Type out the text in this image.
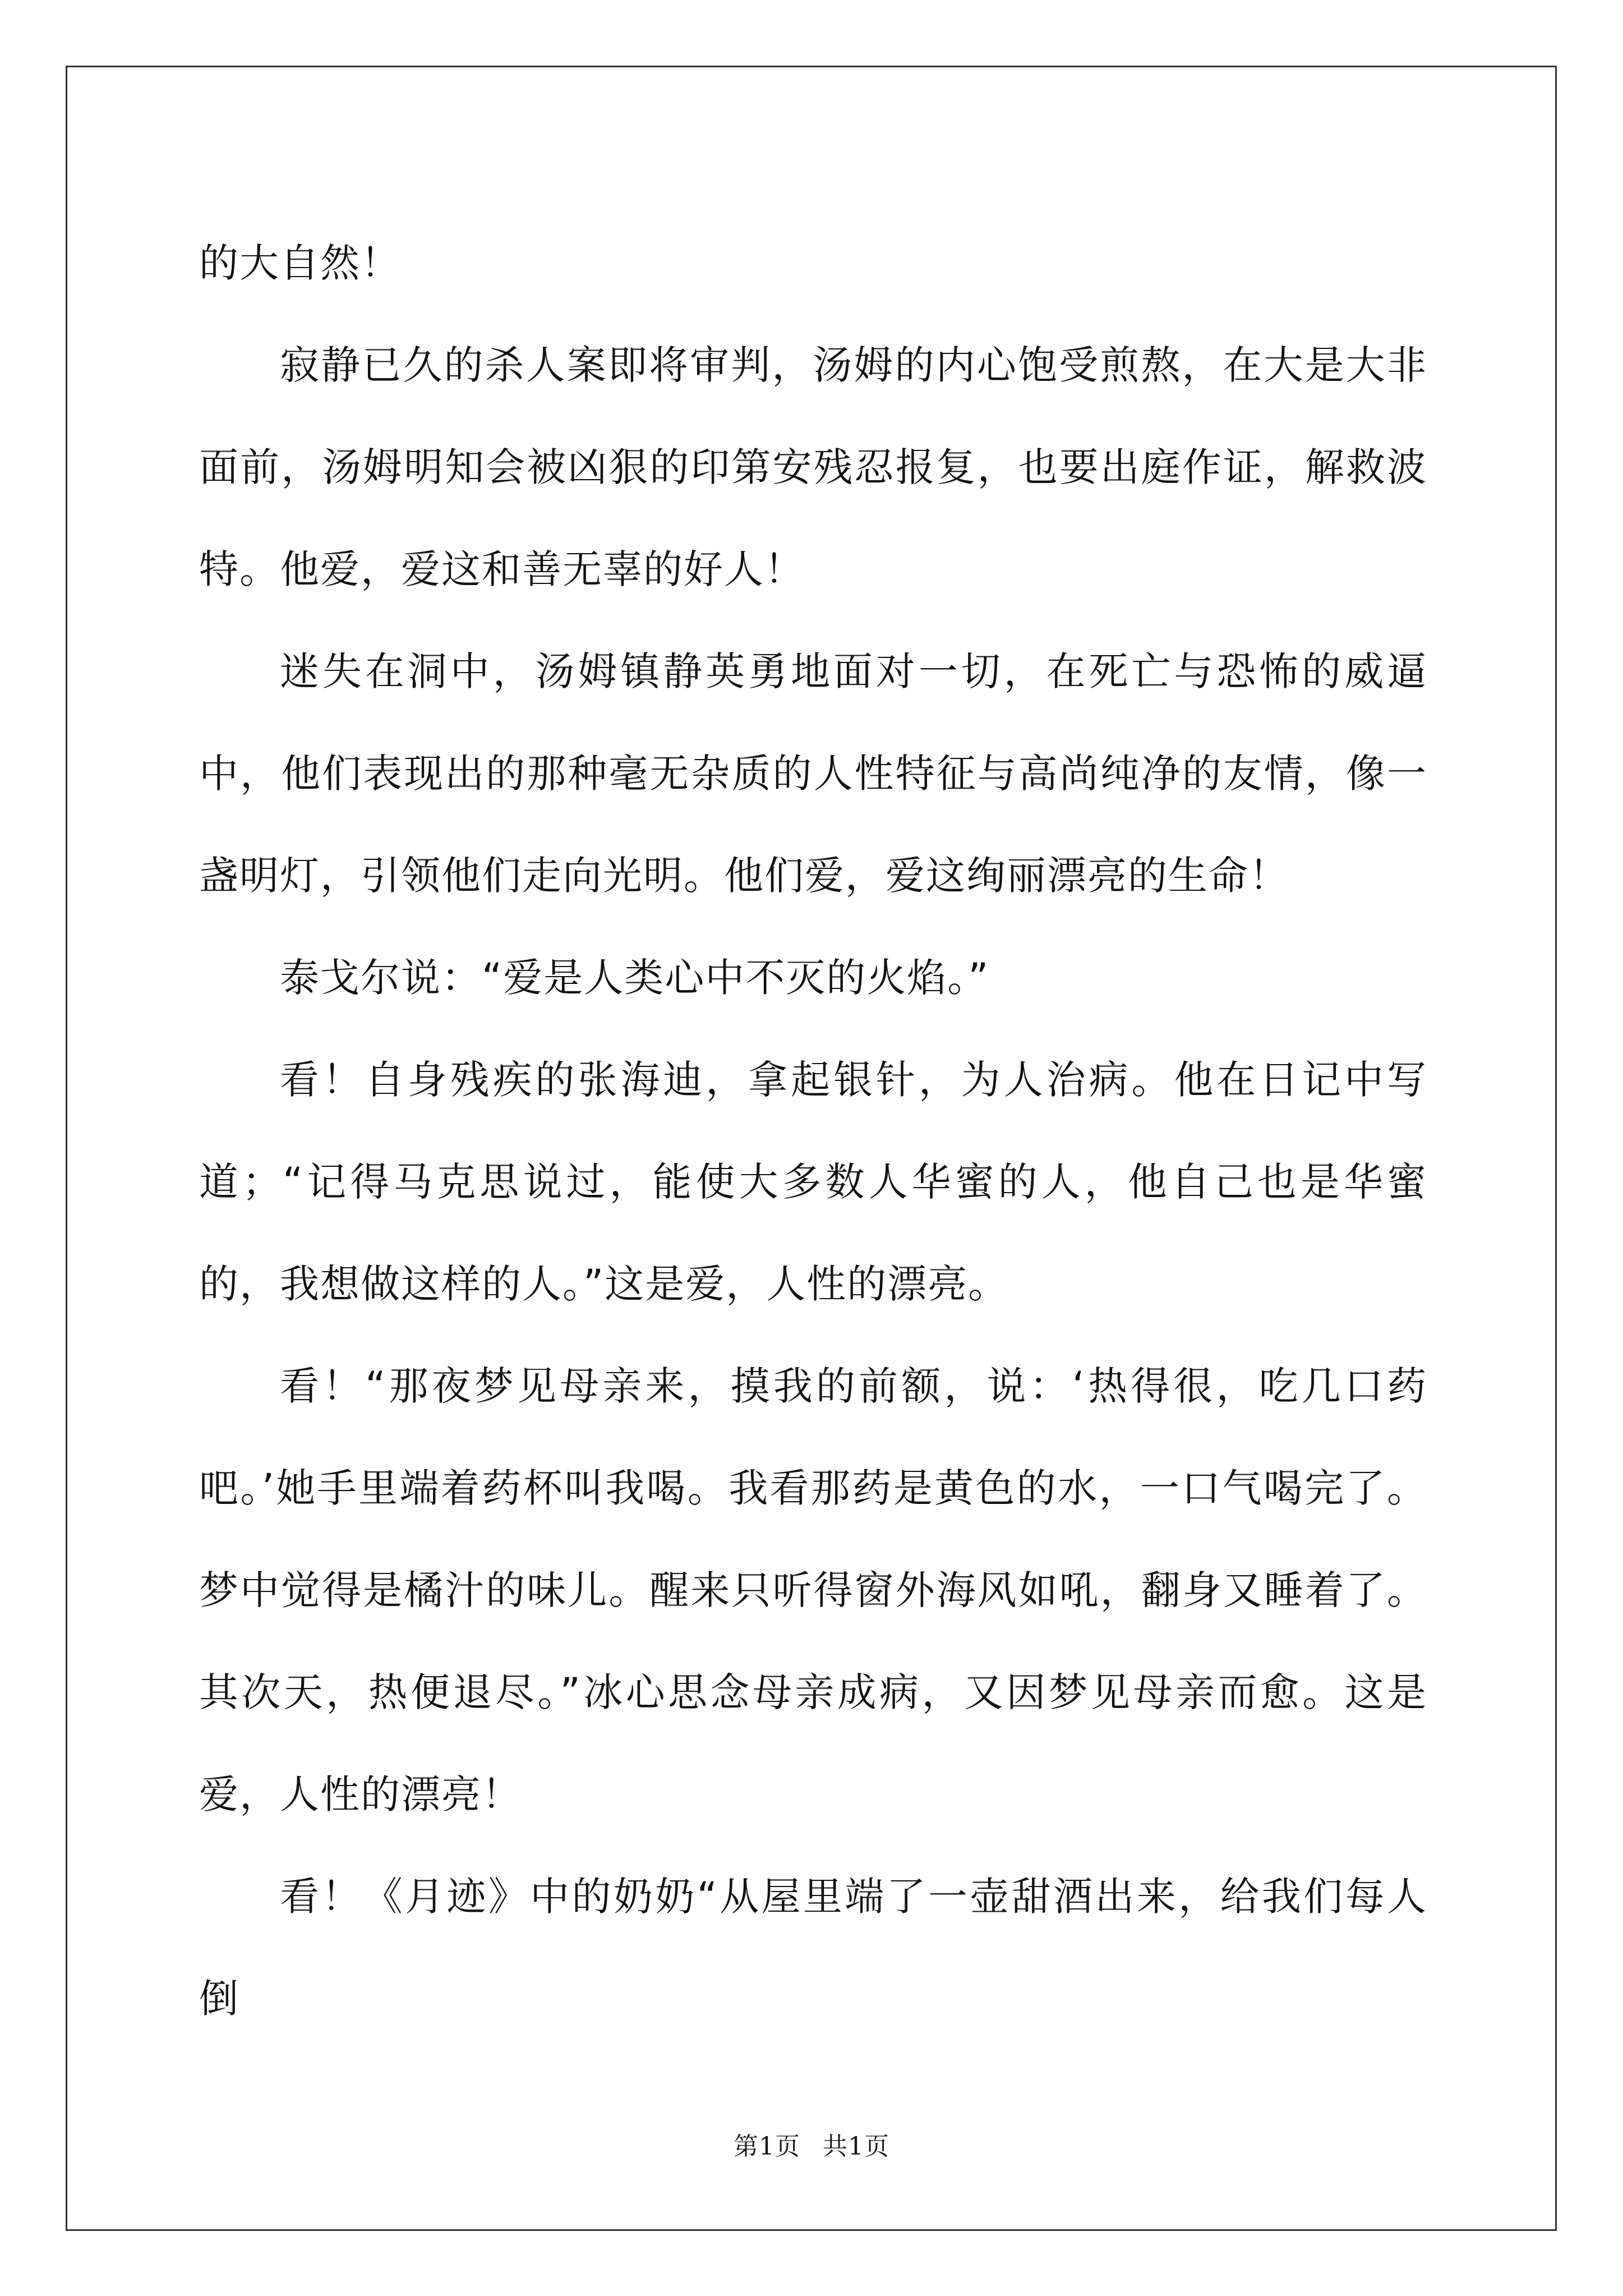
的大自然！

寂静已久的杀人案即将审判，汤姆的内心饱受煎熬，在大是大非面前，汤姆明知会被凶狠的印第安残忍报复，也要出庭作证，解救波特。他爱，爱这和善无辜的好人！

迷失在洞中，汤姆镇静英勇地面对一切，在死亡与恐怖的威逼中，他们表现出的那种毫无杂质的人性特征与高尚纯净的友情，像一盏明灯，引领他们走向光明。他们爱，爱这绚丽漂亮的生命！

泰戈尔说：“爱是人类心中不灭的火焰。”

看！自身残疾的张海迪，拿起银针，为人治病。他在日记中写道；“记得马克思说过，能使大多数人华蜜的人，他自己也是华蜜的，我想做这样的人。”这是爱，人性的漂亮。

看！“那夜梦见母亲来，摸我的前额，说：‘热得很，吃几口药吧。’她手里端着药杯叫我喝。我看那药是黄色的水，一口气喝完了。梦中觉得是橘汁的味儿。醒来只听得窗外海风如吼，翻身又睡着了。其次天，热便退尽。”冰心思念母亲成病，又因梦见母亲而愈。这是爱，人性的漂亮！

看！《月迹》中的奶奶“从屋里端了一壶甜酒出来，给我们每人倒

第1页 共1页
